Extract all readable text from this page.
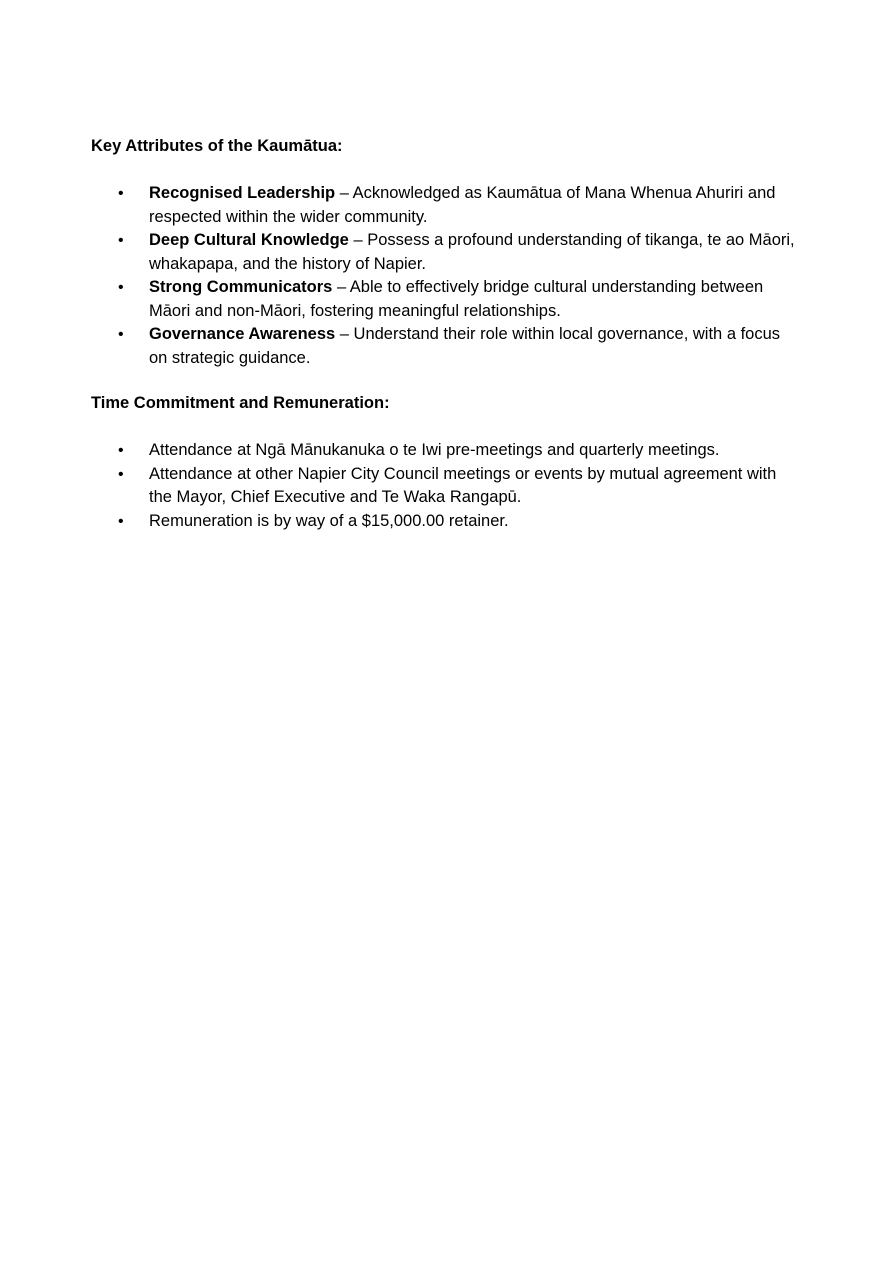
Key Attributes of the Kaumātua:
•	Recognised Leadership – Acknowledged as Kaumātua of Mana Whenua Ahuriri and respected within the wider community.
•	Deep Cultural Knowledge – Possess a profound understanding of tikanga, te ao Māori, whakapapa, and the history of Napier.
•	Strong Communicators – Able to effectively bridge cultural understanding between Māori and non-Māori, fostering meaningful relationships.
•	Governance Awareness – Understand their role within local governance, with a focus on strategic guidance.
Time Commitment and Remuneration:
•	Attendance at Ngā Mānukanuka o te Iwi pre-meetings and quarterly meetings.
•	Attendance at other Napier City Council meetings or events by mutual agreement with the Mayor, Chief Executive and Te Waka Rangapū.
•	Remuneration is by way of a $15,000.00 retainer.
